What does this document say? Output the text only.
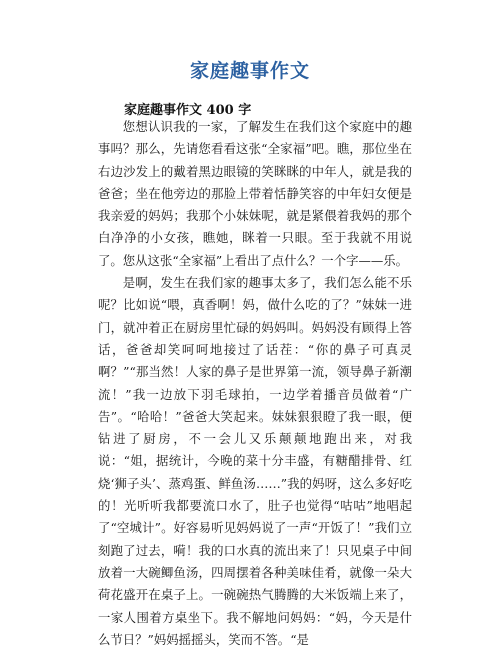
家庭趣事作文
家庭趣事作文 400 字

您想认识我的一家，了解发生在我们这个家庭中的趣事吗？那么，先请您看看这张“全家福”吧。瞧，那位坐在右边沙发上的戴着黑边眼镜的笑眯眯的中年人，就是我的爸爸；坐在他旁边的那脸上带着恬静笑容的中年妇女便是我亲爱的妈妈；我那个小妹妹呢，就是紧偎着我妈的那个白净净的小女孩，瞧她，眯着一只眼。至于我就不用说了。您从这张“全家福”上看出了点什么？一个字——乐。

是啊，发生在我们家的趣事太多了，我们怎么能不乐呢？比如说“喂，真香啊！妈，做什么吃的了？”妹妹一进门，就冲着正在厨房里忙碌的妈妈叫。妈妈没有顾得上答话，爸爸却笑呵呵地接过了话茬：“你的鼻子可真灵啊？”“那当然！人家的鼻子是世界第一流，领导鼻子新潮流！”我一边放下羽毛球拍，一边学着播音员做着“广告”。“哈哈！”爸爸大笑起来。妹妹狠狠瞪了我一眼，便钻进了厨房，不一会儿又乐颠颠地跑出来，对我说：“姐，据统计，今晚的菜十分丰盛，有糖醋排骨、红烧‘狮子头’、蒸鸡蛋、鲜鱼汤……”我的妈呀，这么多好吃的！光听听我都要流口水了，肚子也觉得“咕咕”地唱起了“空城计”。好容易听见妈妈说了一声“开饭了！”我们立刻跑了过去，嗬！我的口水真的流出来了！只见桌子中间放着一大碗鲫鱼汤，四周摆着各种美味佳肴，就像一朵大荷花盛开在桌子上。一碗碗热气腾腾的大米饭端上来了，一家人围着方桌坐下。我不解地问妈妈：“妈，今天是什么节日？”妈妈摇摇头，笑而不答。“是
